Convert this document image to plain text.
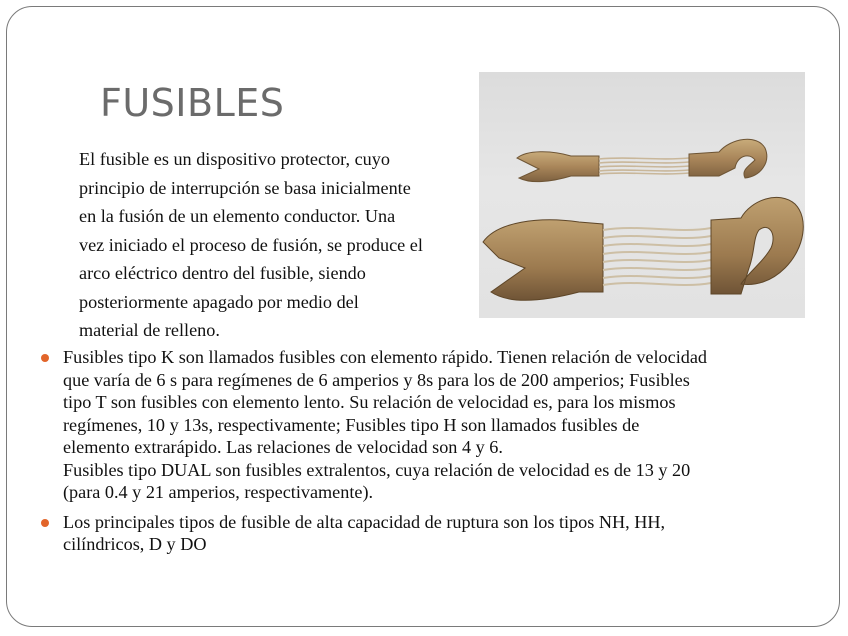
FUSIBLES
El fusible es un dispositivo protector, cuyo
principio de interrupción se basa inicialmente
en la fusión de un elemento conductor. Una
vez iniciado el proceso de fusión, se produce el
arco eléctrico dentro del fusible, siendo
posteriormente apagado por medio del
material de relleno.
Fusibles tipo K son llamados fusibles con elemento rápido. Tienen relación de velocidad
que varía de 6 s para regímenes de 6 amperios y 8s para los de 200 amperios; Fusibles
tipo T son fusibles con elemento lento. Su relación de velocidad es, para los mismos
regímenes, 10 y 13s, respectivamente; Fusibles tipo H son llamados fusibles de
elemento extrarápido. Las relaciones de velocidad son 4 y 6.
Fusibles tipo DUAL son fusibles extralentos, cuya relación de velocidad es de 13 y 20
(para 0.4 y 21 amperios, respectivamente).
Los principales tipos de fusible de alta capacidad de ruptura son los tipos NH, HH,
cilíndricos, D y DO
